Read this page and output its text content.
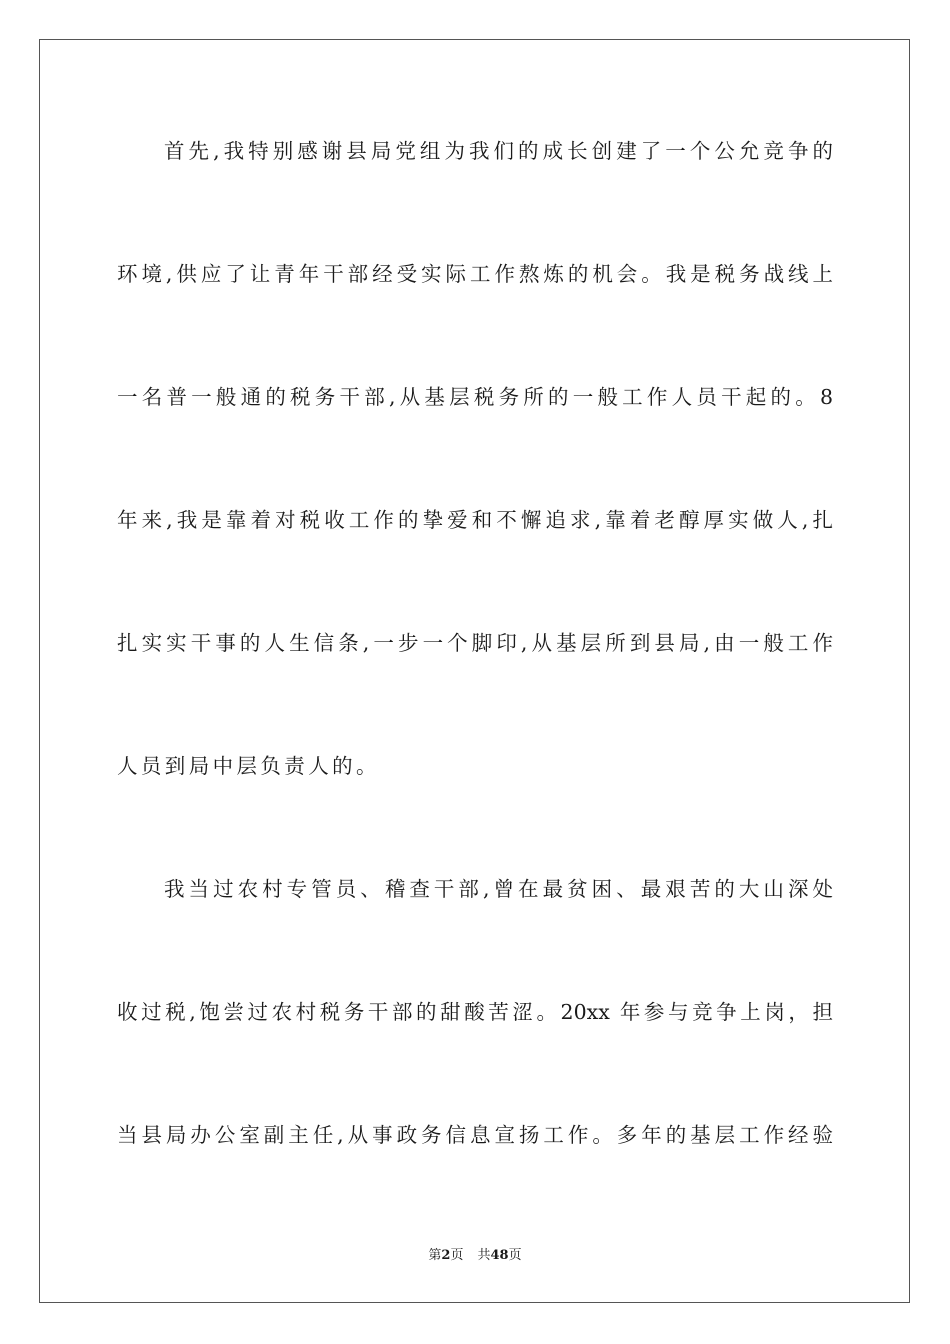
首先,我特别感谢县局党组为我们的成长创建了一个公允竞争的
环境,供应了让青年干部经受实际工作熬炼的机会。我是税务战线上
一名普一般通的税务干部,从基层税务所的一般工作人员干起的。8
年来,我是靠着对税收工作的挚爱和不懈追求,靠着老醇厚实做人,扎
扎实实干事的人生信条,一步一个脚印,从基层所到县局,由一般工作
人员到局中层负责人的。
我当过农村专管员、稽查干部,曾在最贫困、最艰苦的大山深处
收过税,饱尝过农村税务干部的甜酸苦涩。20xx 年参与竞争上岗，担
当县局办公室副主任,从事政务信息宣扬工作。多年的基层工作经验
第2页 共48页
